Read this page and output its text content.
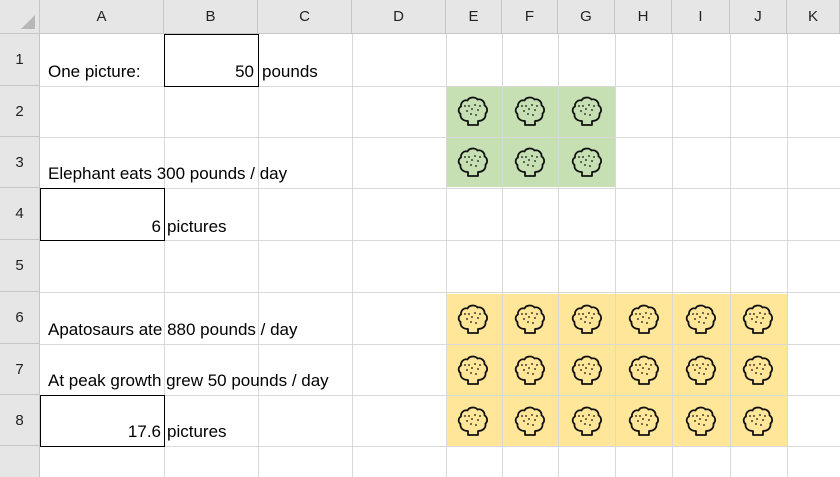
A	B	C	D	E	F	G	H	I	J	K
1
2
3
4
5
6
7
8
One picture:	50 pounds
Elephant eats 300 pounds / day
6 pictures
Apatosaurs ate 880 pounds / day
At peak growth grew 50 pounds / day
17.6 pictures
